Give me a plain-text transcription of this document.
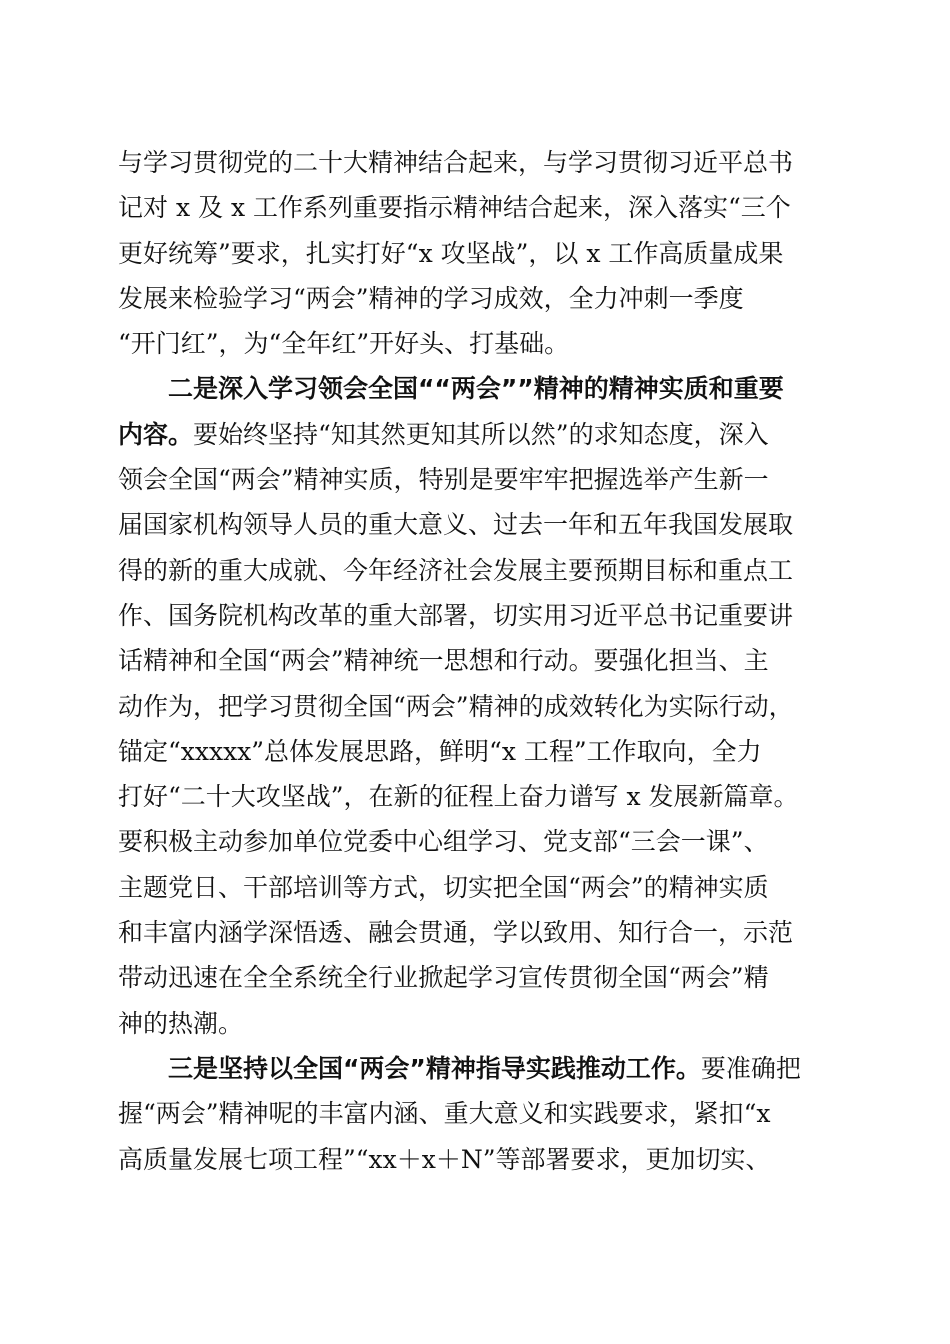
与学习贯彻党的二十大精神结合起来，与学习贯彻习近平总书
记对 x 及 x 工作系列重要指示精神结合起来，深入落实“三个
更好统筹”要求，扎实打好“x 攻坚战”，以 x 工作高质量成果
发展来检验学习“两会”精神的学习成效，全力冲刺一季度
“开门红”，为“全年红”开好头、打基础。
二是深入学习领会全国““两会””精神的精神实质和重要
内容。要始终坚持“知其然更知其所以然”的求知态度，深入
领会全国“两会”精神实质，特别是要牢牢把握选举产生新一
届国家机构领导人员的重大意义、过去一年和五年我国发展取
得的新的重大成就、今年经济社会发展主要预期目标和重点工
作、国务院机构改革的重大部署，切实用习近平总书记重要讲
话精神和全国“两会”精神统一思想和行动。要强化担当、主
动作为，把学习贯彻全国“两会”精神的成效转化为实际行动，
锚定“xxxxx”总体发展思路，鲜明“x 工程”工作取向，全力
打好“二十大攻坚战”，在新的征程上奋力谱写 x 发展新篇章。
要积极主动参加单位党委中心组学习、党支部“三会一课”、
主题党日、干部培训等方式，切实把全国“两会”的精神实质
和丰富内涵学深悟透、融会贯通，学以致用、知行合一，示范
带动迅速在全全系统全行业掀起学习宣传贯彻全国“两会”精
神的热潮。
三是坚持以全国“两会”精神指导实践推动工作。要准确把
握“两会”精神呢的丰富内涵、重大意义和实践要求，紧扣“x
高质量发展七项工程”“xx＋x＋N”等部署要求，更加切实、
